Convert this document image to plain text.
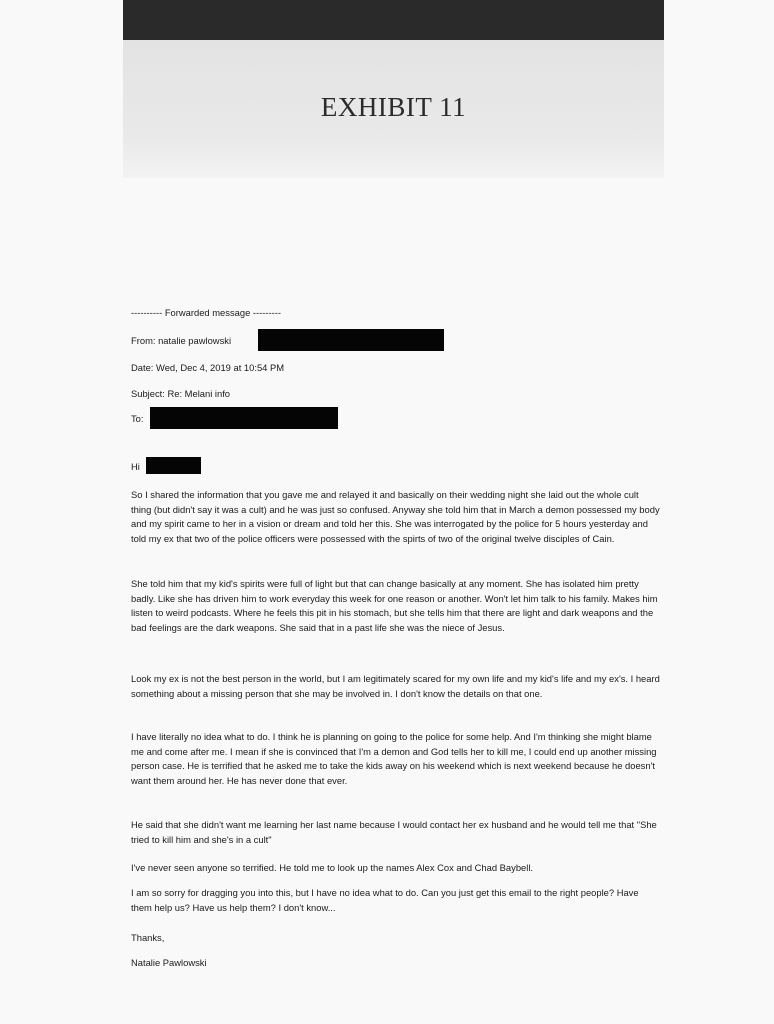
EXHIBIT 11
---------- Forwarded message ---------
From: natalie pawlowski
Date: Wed, Dec 4, 2019 at 10:54 PM
Subject: Re: Melani info
To:
Hi

So I shared the information that you gave me and relayed it and basically on their wedding night she laid out the whole cult thing (but didn't say it was a cult) and he was just so confused. Anyway she told him that in March a demon possessed my body and my spirit came to her in a vision or dream and told her this. She was interrogated by the police for 5 hours yesterday and told my ex that two of the police officers were possessed with the spirts of two of the original twelve disciples of Cain.

She told him that my kid's spirits were full of light but that can change basically at any moment. She has isolated him pretty badly. Like she has driven him to work everyday this week for one reason or another. Won't let him talk to his family. Makes him listen to weird podcasts. Where he feels this pit in his stomach, but she tells him that there are light and dark weapons and the bad feelings are the dark weapons. She said that in a past life she was the niece of Jesus.

Look my ex is not the best person in the world, but I am legitimately scared for my own life and my kid's life and my ex's. I heard something about a missing person that she may be involved in. I don't know the details on that one.

I have literally no idea what to do. I think he is planning on going to the police for some help. And I'm thinking she might blame me and come after me. I mean if she is convinced that I'm a demon and God tells her to kill me, I could end up another missing person case. He is terrified that he asked me to take the kids away on his weekend which is next weekend because he doesn't want them around her. He has never done that ever.

He said that she didn't want me learning her last name because I would contact her ex husband and he would tell me that "She tried to kill him and she's in a cult"

I've never seen anyone so terrified. He told me to look up the names Alex Cox and Chad Baybell.

I am so sorry for dragging you into this, but I have no idea what to do. Can you just get this email to the right people? Have them help us? Have us help them? I don't know...

Thanks,
Natalie Pawlowski
